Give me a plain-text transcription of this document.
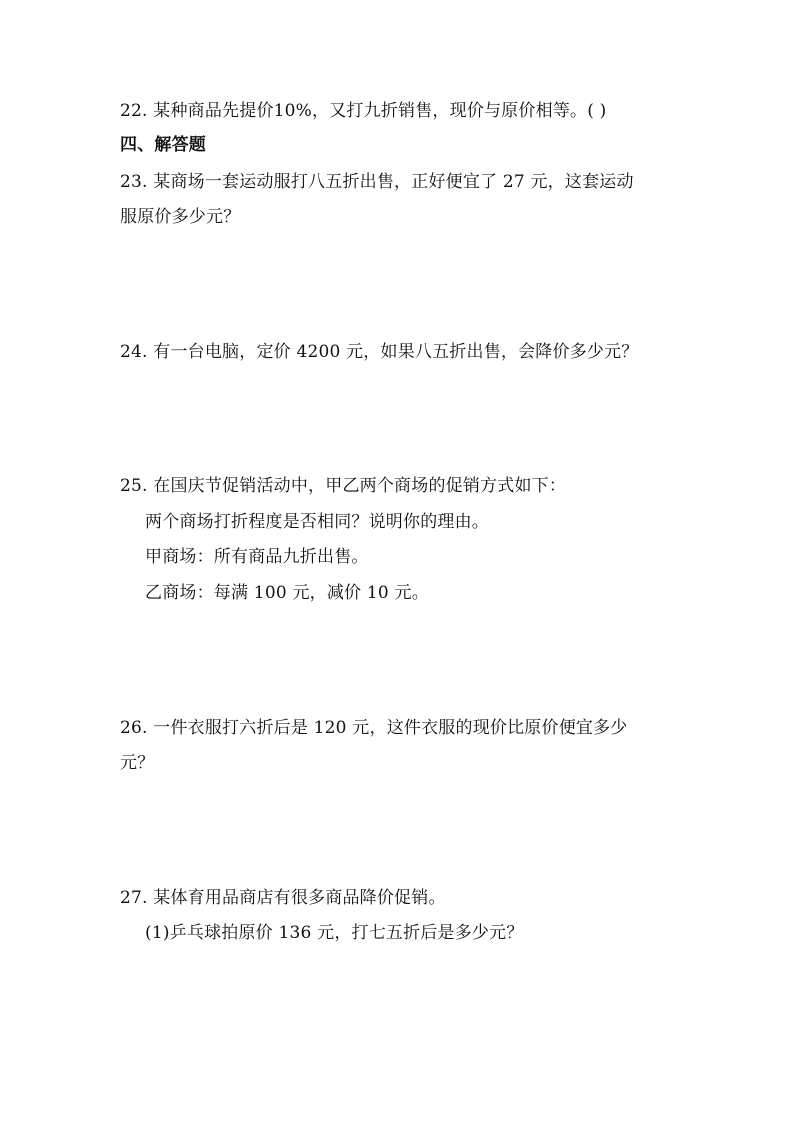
22. 某种商品先提价10%，又打九折销售，现价与原价相等。( )
四、解答题
23. 某商场一套运动服打八五折出售，正好便宜了 27 元，这套运动
服原价多少元？
24. 有一台电脑，定价 4200 元，如果八五折出售，会降价多少元？
25. 在国庆节促销活动中，甲乙两个商场的促销方式如下：
两个商场打折程度是否相同？说明你的理由。
甲商场：所有商品九折出售。
乙商场：每满 100 元，减价 10 元。
26. 一件衣服打六折后是 120 元，这件衣服的现价比原价便宜多少
元？
27. 某体育用品商店有很多商品降价促销。
(1)乒乓球拍原价 136 元，打七五折后是多少元？
